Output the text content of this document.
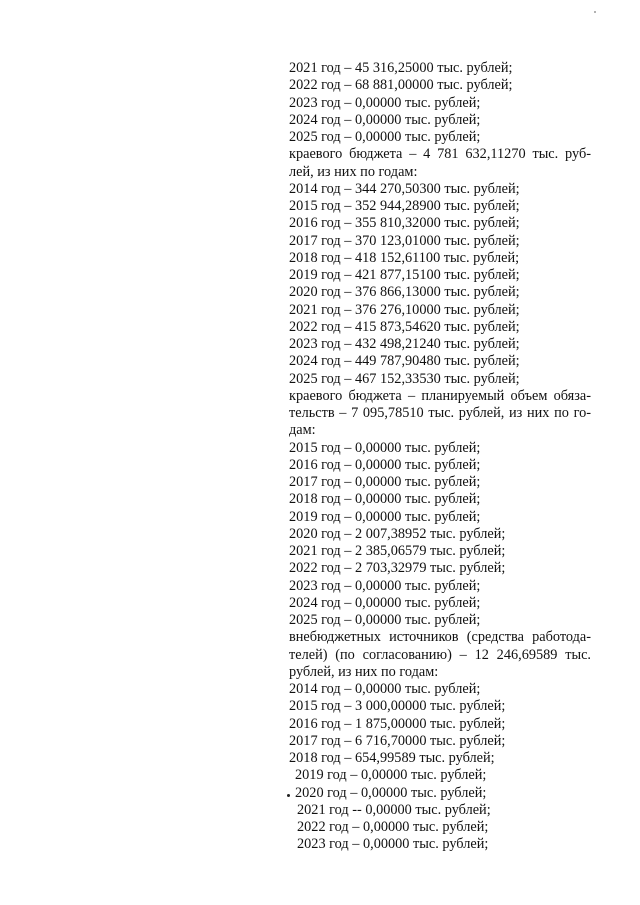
2021 год – 45 316,25000 тыс. рублей;
2022 год – 68 881,00000 тыс. рублей;
2023 год – 0,00000 тыс. рублей;
2024 год – 0,00000 тыс. рублей;
2025 год – 0,00000 тыс. рублей;
краевого бюджета – 4 781 632,11270 тыс. руб-
лей, из них по годам:
2014 год – 344 270,50300 тыс. рублей;
2015 год – 352 944,28900 тыс. рублей;
2016 год – 355 810,32000 тыс. рублей;
2017 год – 370 123,01000 тыс. рублей;
2018 год – 418 152,61100 тыс. рублей;
2019 год – 421 877,15100 тыс. рублей;
2020 год – 376 866,13000 тыс. рублей;
2021 год – 376 276,10000 тыс. рублей;
2022 год – 415 873,54620 тыс. рублей;
2023 год – 432 498,21240 тыс. рублей;
2024 год – 449 787,90480 тыс. рублей;
2025 год – 467 152,33530 тыс. рублей;
краевого бюджета – планируемый объем обяза-
тельств – 7 095,78510 тыс. рублей, из них по го-
дам:
2015 год – 0,00000 тыс. рублей;
2016 год – 0,00000 тыс. рублей;
2017 год – 0,00000 тыс. рублей;
2018 год – 0,00000 тыс. рублей;
2019 год – 0,00000 тыс. рублей;
2020 год – 2 007,38952 тыс. рублей;
2021 год – 2 385,06579 тыс. рублей;
2022 год – 2 703,32979 тыс. рублей;
2023 год – 0,00000 тыс. рублей;
2024 год – 0,00000 тыс. рублей;
2025 год – 0,00000 тыс. рублей;
внебюджетных источников (средства работода-
телей) (по согласованию) – 12 246,69589 тыс.
рублей, из них по годам:
2014 год – 0,00000 тыс. рублей;
2015 год – 3 000,00000 тыс. рублей;
2016 год – 1 875,00000 тыс. рублей;
2017 год – 6 716,70000 тыс. рублей;
2018 год – 654,99589 тыс. рублей;
2019 год – 0,00000 тыс. рублей;
2020 год – 0,00000 тыс. рублей;
2021 год -- 0,00000 тыс. рублей;
2022 год – 0,00000 тыс. рублей;
2023 год – 0,00000 тыс. рублей;
